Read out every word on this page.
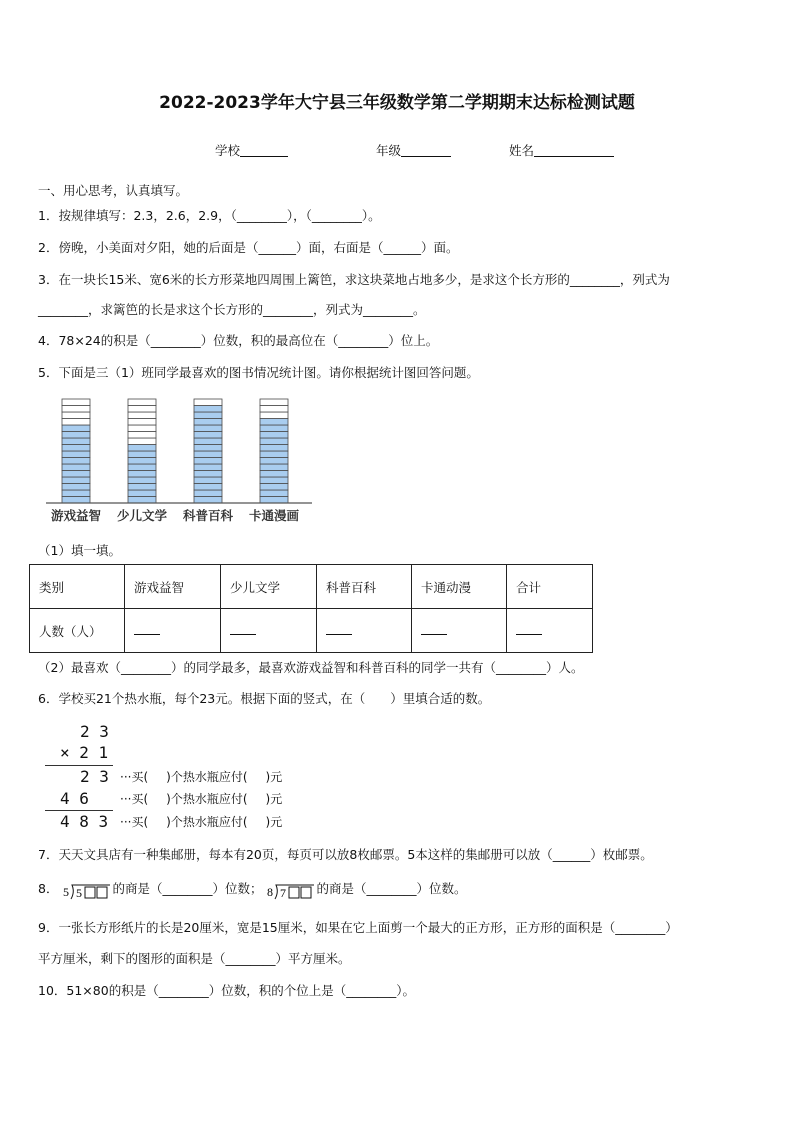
2022-2023学年大宁县三年级数学第二学期期末达标检测试题
学校	年级	姓名
一、用心思考，认真填写。
1．按规律填写：2.3，2.6，2.9，（________），（________）。
2．傍晚，小美面对夕阳，她的后面是（______）面，右面是（______）面。
3．在一块长15米、宽6米的长方形菜地四周围上篱笆，求这块菜地占地多少，是求这个长方形的________，列式为
________，求篱笆的长是求这个长方形的________，列式为________。
4．78×24的积是（________）位数，积的最高位在（________）位上。
5．下面是三（1）班同学最喜欢的图书情况统计图。请你根据统计图回答问题。
游戏益智 少儿文学 科普百科 卡通漫画
（1）填一填。
类别	游戏益智	少儿文学	科普百科	卡通动漫	合计
人数（人）					
（2）最喜欢（________）的同学最多，最喜欢游戏益智和科普百科的同学一共有（________）人。
6．学校买21个热水瓶，每个23元。根据下面的竖式，在（　　）里填合适的数。
2 3
× 2 1
2 3
4 6
4 8 3
···买( )个热水瓶应付( )元
···买( )个热水瓶应付( )元
···买( )个热水瓶应付( )元
7．天天文具店有一种集邮册，每本有20页，每页可以放8枚邮票。5本这样的集邮册可以放（______）枚邮票。
8． 5 5 的商是（________）位数； 8 7 的商是（________）位数。
9．一张长方形纸片的长是20厘米，宽是15厘米，如果在它上面剪一个最大的正方形，正方形的面积是（________）
平方厘米，剩下的图形的面积是（________）平方厘米。
10．51×80的积是（________）位数，积的个位上是（________）。
